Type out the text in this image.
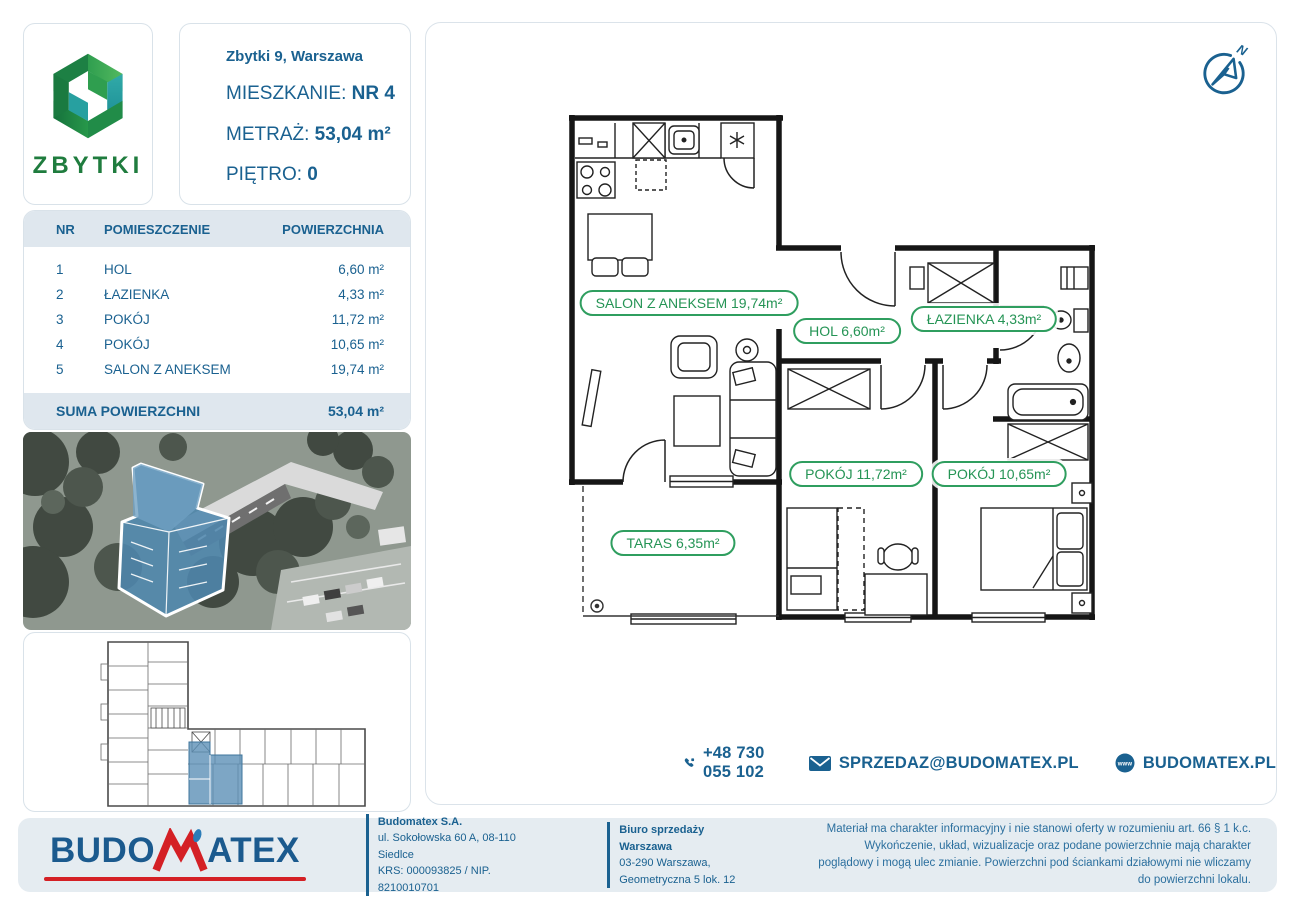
ZBYTKI
Zbytki 9, Warszawa
MIESZKANIE: NR 4
METRAŻ: 53,04 m²
PIĘTRO: 0
NR	POMIESZCZENIE	POWIERZCHNIA
1	HOL	6,60 m²
2	ŁAZIENKA	4,33 m²
3	POKÓJ	11,72 m²
4	POKÓJ	10,65 m²
5	SALON Z ANEKSEM	19,74 m²
SUMA POWIERZCHNI	53,04 m²
N
SALON Z ANEKSEM 19,74m²
HOL 6,60m²
ŁAZIENKA 4,33m²
POKÓJ 11,72m²	POKÓJ 10,65m²
TARAS 6,35m²
+48 730 055 102
SPRZEDAZ@BUDOMATEX.PL	www BUDOMATEX.PL
BUDO ATEX
Budomatex S.A.
ul. Sokołowska 60 A, 08-110 Siedlce
KRS: 000093825 / NIP. 8210010701
Biuro sprzedaży Warszawa
03-290 Warszawa,
Geometryczna 5 lok. 12
Materiał ma charakter informacyjny i nie stanowi oferty w rozumieniu art. 66 § 1 k.c. Wykończenie, układ, wizualizacje oraz podane powierzchnie mają charakter poglądowy i mogą ulec zmianie. Powierzchni pod ściankami działowymi nie wliczamy do powierzchni lokalu.
